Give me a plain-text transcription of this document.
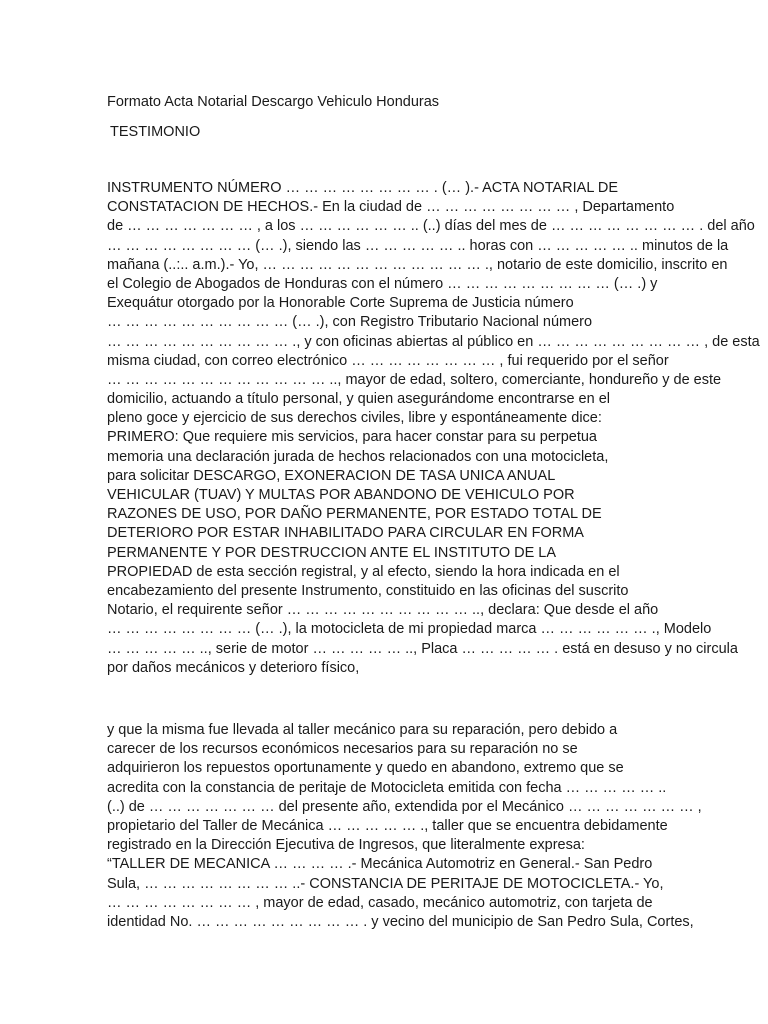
Formato Acta Notarial Descargo Vehiculo Honduras
TESTIMONIO
INSTRUMENTO NÚMERO … … … … … … … … . (… ).- ACTA NOTARIAL DE
CONSTATACION DE HECHOS.- En la ciudad de … … … … … … … … , Departamento
de … … … … … … … , a los … … … … … … .. (..) días del mes de … … … … … … … … . del año
… … … … … … … … (… .), siendo las … … … … … .. horas con … … … … … .. minutos de la
mañana (..:.. a.m.).- Yo, … … … … … … … … … … … … ., notario de este domicilio, inscrito en
el Colegio de Abogados de Honduras con el número … … … … … … … … … (… .) y
Exequátur otorgado por la Honorable Corte Suprema de Justicia número
… … … … … … … … … … (… .), con Registro Tributario Nacional número
… … … … … … … … … … ., y con oficinas abiertas al público en … … … … … … … … … , de esta
misma ciudad, con correo electrónico … … … … … … … … , fui requerido por el señor
… … … … … … … … … … … … .., mayor de edad, soltero, comerciante, hondureño y de este
domicilio, actuando a título personal, y quien asegurándome encontrarse en el
pleno goce y ejercicio de sus derechos civiles, libre y espontáneamente dice:
PRIMERO: Que requiere mis servicios, para hacer constar para su perpetua
memoria una declaración jurada de hechos relacionados con una motocicleta,
para solicitar DESCARGO, EXONERACION DE TASA UNICA ANUAL
VEHICULAR (TUAV) Y MULTAS POR ABANDONO DE VEHICULO POR
RAZONES DE USO, POR DAÑO PERMANENTE, POR ESTADO TOTAL DE
DETERIORO POR ESTAR INHABILITADO PARA CIRCULAR EN FORMA
PERMANENTE Y POR DESTRUCCION ANTE EL INSTITUTO DE LA
PROPIEDAD de esta sección registral, y al efecto, siendo la hora indicada en el
encabezamiento del presente Instrumento, constituido en las oficinas del suscrito
Notario, el requirente señor … … … … … … … … … … .., declara: Que desde el año
… … … … … … … … (… .), la motocicleta de mi propiedad marca … … … … … … ., Modelo
… … … … … .., serie de motor … … … … … .., Placa … … … … … . está en desuso y no circula
por daños mecánicos y deterioro físico,
y que la misma fue llevada al taller mecánico para su reparación, pero debido a
carecer de los recursos económicos necesarios para su reparación no se
adquirieron los repuestos oportunamente y quedo en abandono, extremo que se
acredita con la constancia de peritaje de Motocicleta emitida con fecha … … … … … ..
(..) de … … … … … … … del presente año, extendida por el Mecánico … … … … … … … ,
propietario del Taller de Mecánica … … … … … ., taller que se encuentra debidamente
registrado en la Dirección Ejecutiva de Ingresos, que literalmente expresa:
“TALLER DE MECANICA … … … … .- Mecánica Automotriz en General.- San Pedro
Sula, … … … … … … … … ..- CONSTANCIA DE PERITAJE DE MOTOCICLETA.- Yo,
… … … … … … … … , mayor de edad, casado, mecánico automotriz, con tarjeta de
identidad No. … … … … … … … … … . y vecino del municipio de San Pedro Sula, Cortes,
